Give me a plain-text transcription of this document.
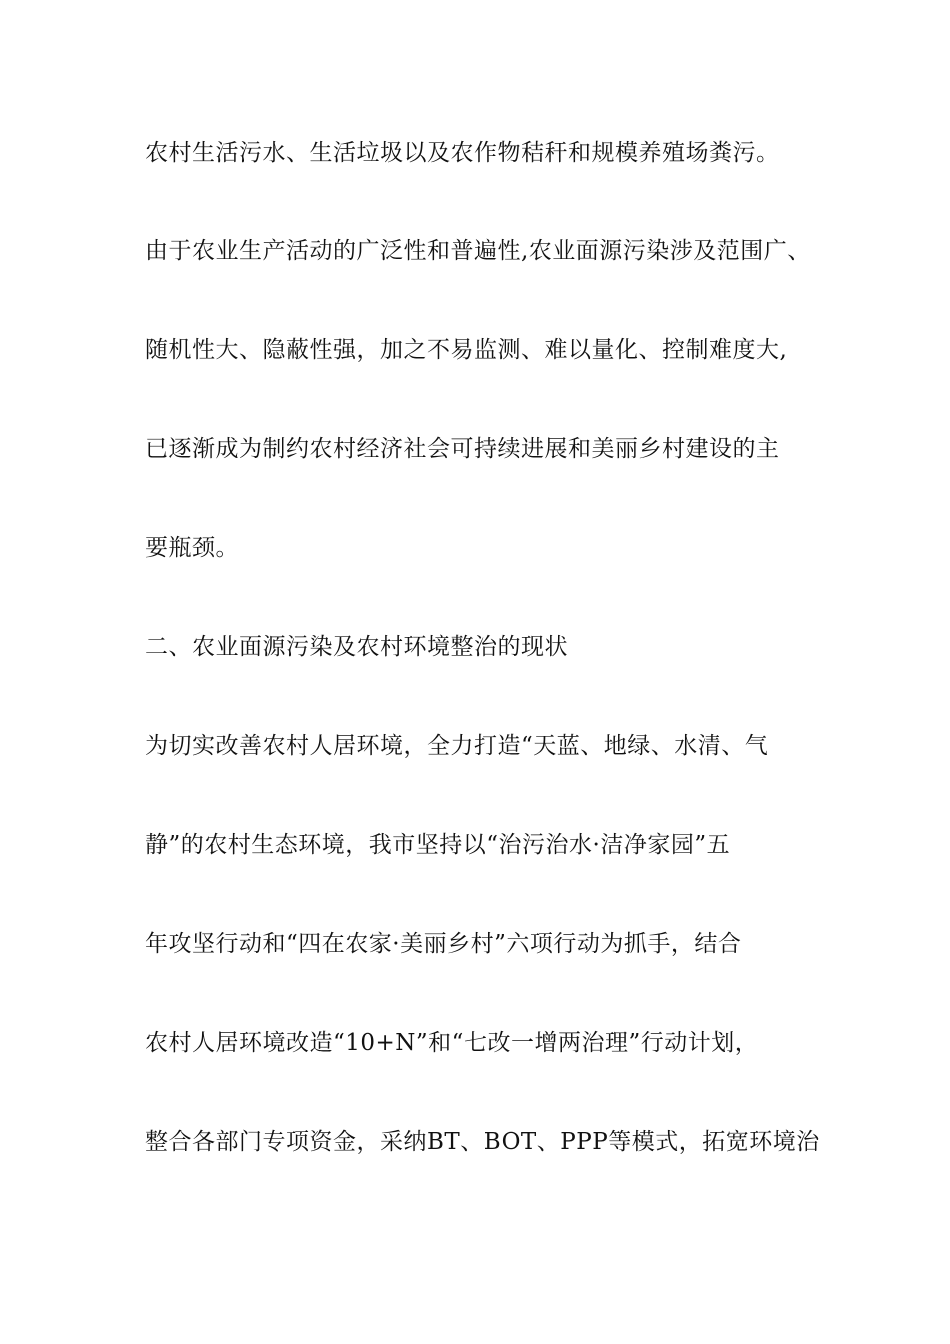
农村生活污水、生活垃圾以及农作物秸秆和规模养殖场粪污。
由于农业生产活动的广泛性和普遍性,农业面源污染涉及范围广、
随机性大、隐蔽性强，加之不易监测、难以量化、控制难度大,
已逐渐成为制约农村经济社会可持续进展和美丽乡村建设的主
要瓶颈。
二、农业面源污染及农村环境整治的现状
为切实改善农村人居环境，全力打造“天蓝、地绿、水清、气
静”的农村生态环境，我市坚持以“治污治水·洁净家园”五
年攻坚行动和“四在农家·美丽乡村”六项行动为抓手，结合
农村人居环境改造“10+N”和“七改一增两治理”行动计划，
整合各部门专项资金，采纳BT、BOT、PPP等模式，拓宽环境治
